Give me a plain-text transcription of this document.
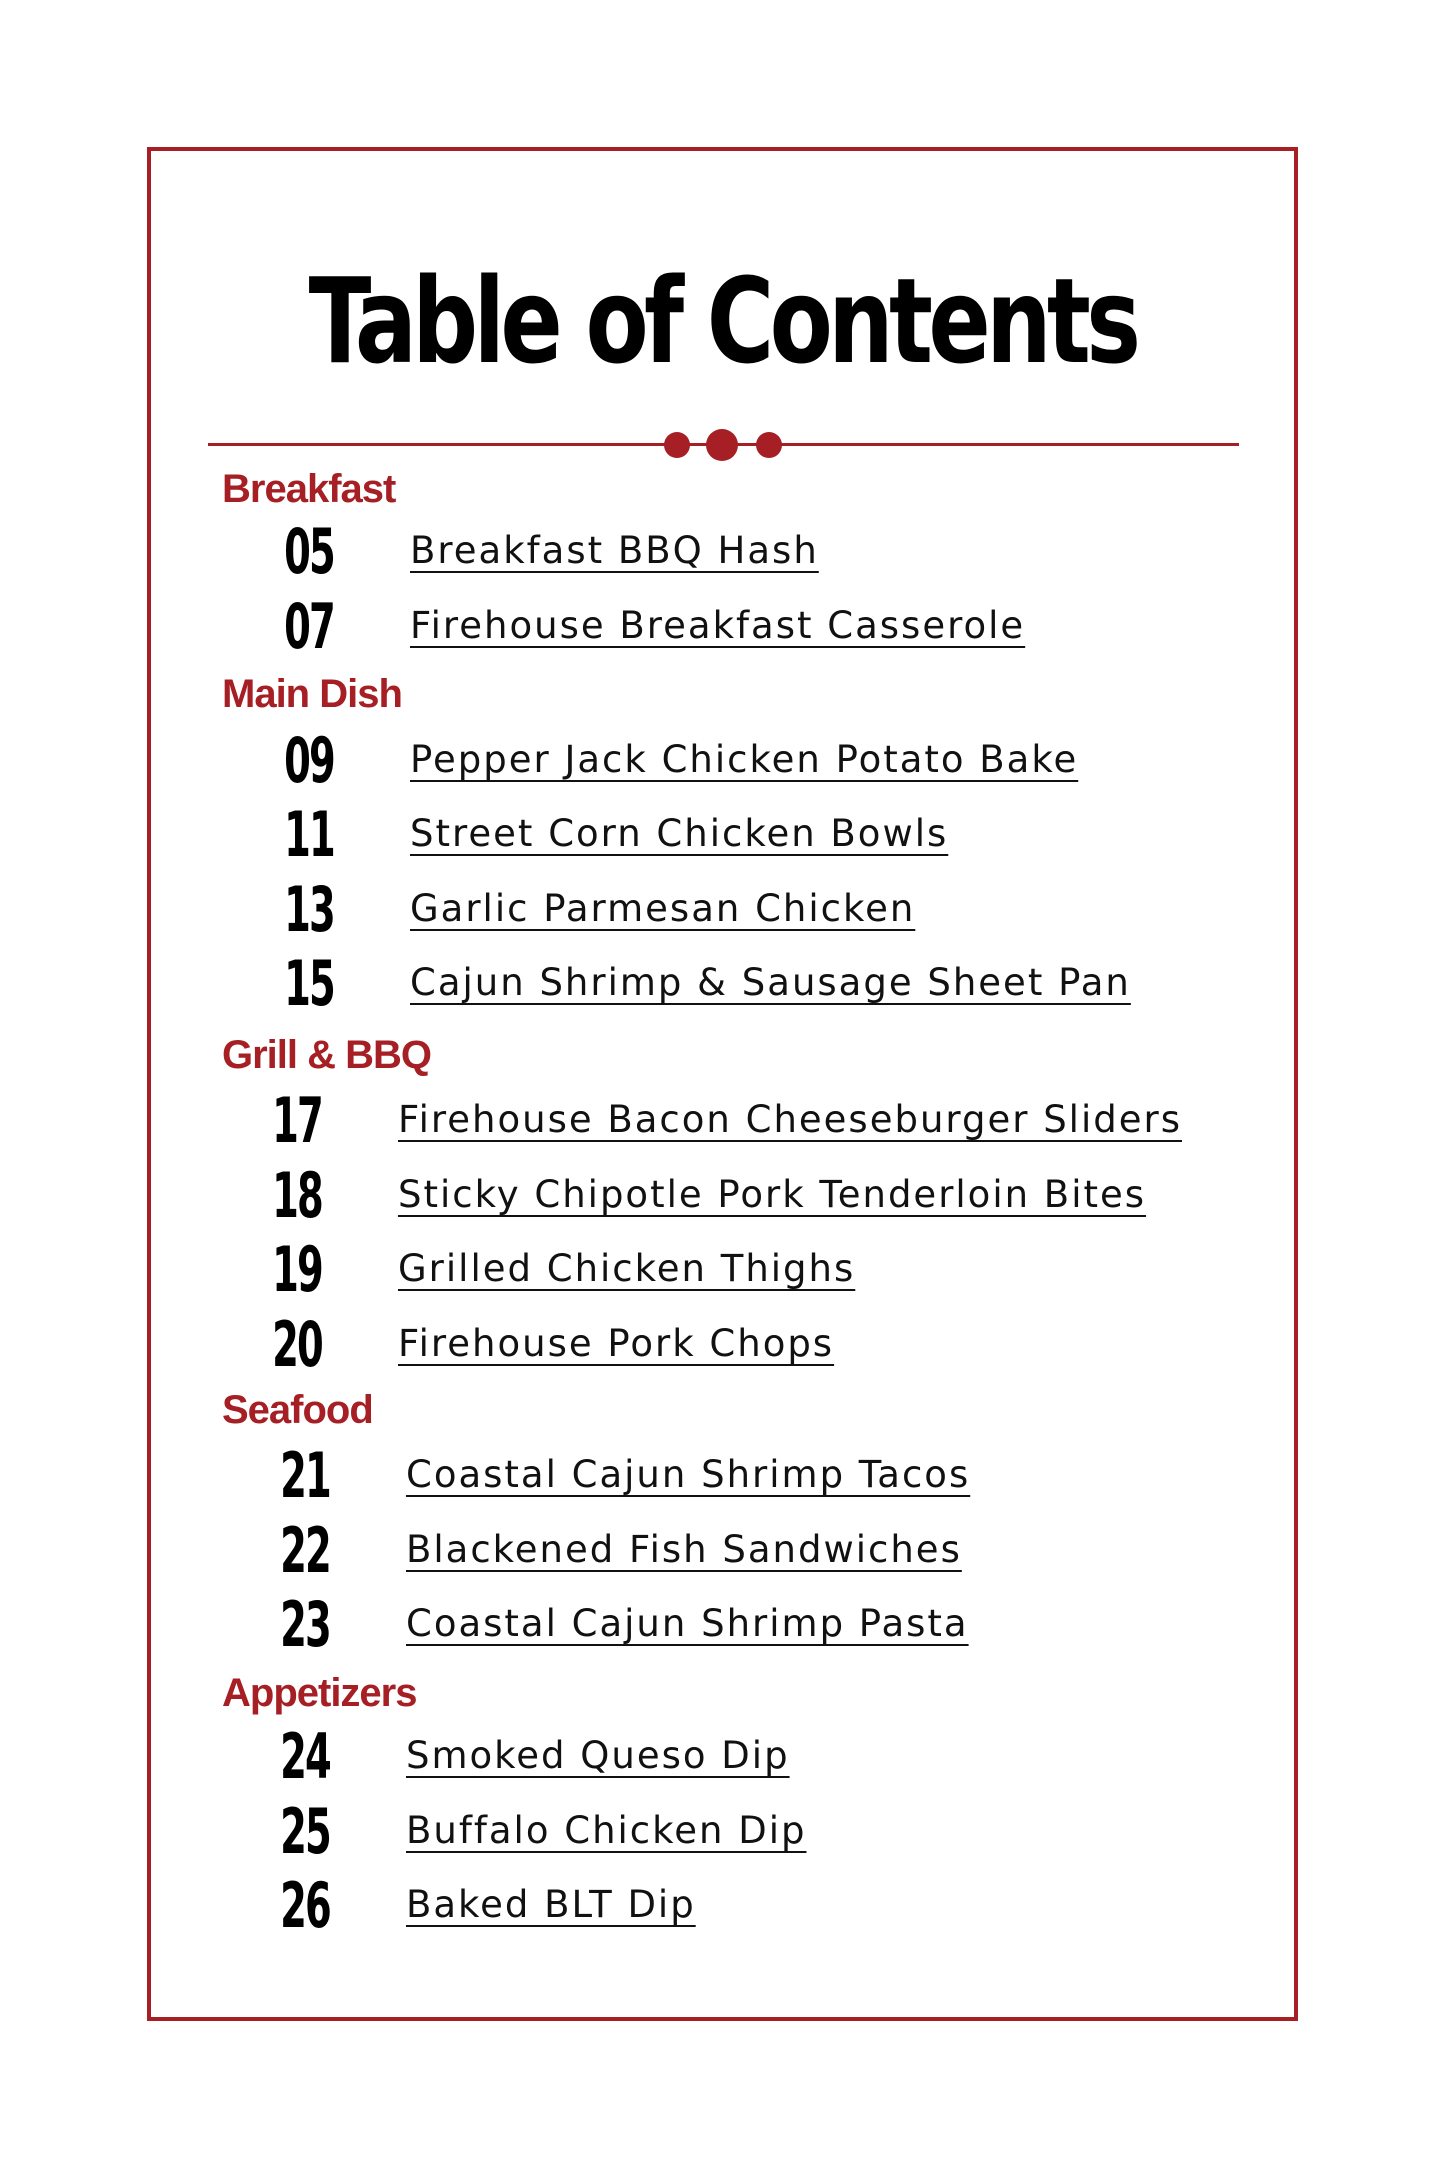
Table of Contents
Breakfast
05	Breakfast BBQ Hash
07	Firehouse Breakfast Casserole
Main Dish
09	Pepper Jack Chicken Potato Bake
11	Street Corn Chicken Bowls
13	Garlic Parmesan Chicken
15	Cajun Shrimp & Sausage Sheet Pan
Grill & BBQ
17	Firehouse Bacon Cheeseburger Sliders
18	Sticky Chipotle Pork Tenderloin Bites
19	Grilled Chicken Thighs
20	Firehouse Pork Chops
Seafood
21	Coastal Cajun Shrimp Tacos
22	Blackened Fish Sandwiches
23	Coastal Cajun Shrimp Pasta
Appetizers
24	Smoked Queso Dip
25	Buffalo Chicken Dip
26	Baked BLT Dip
